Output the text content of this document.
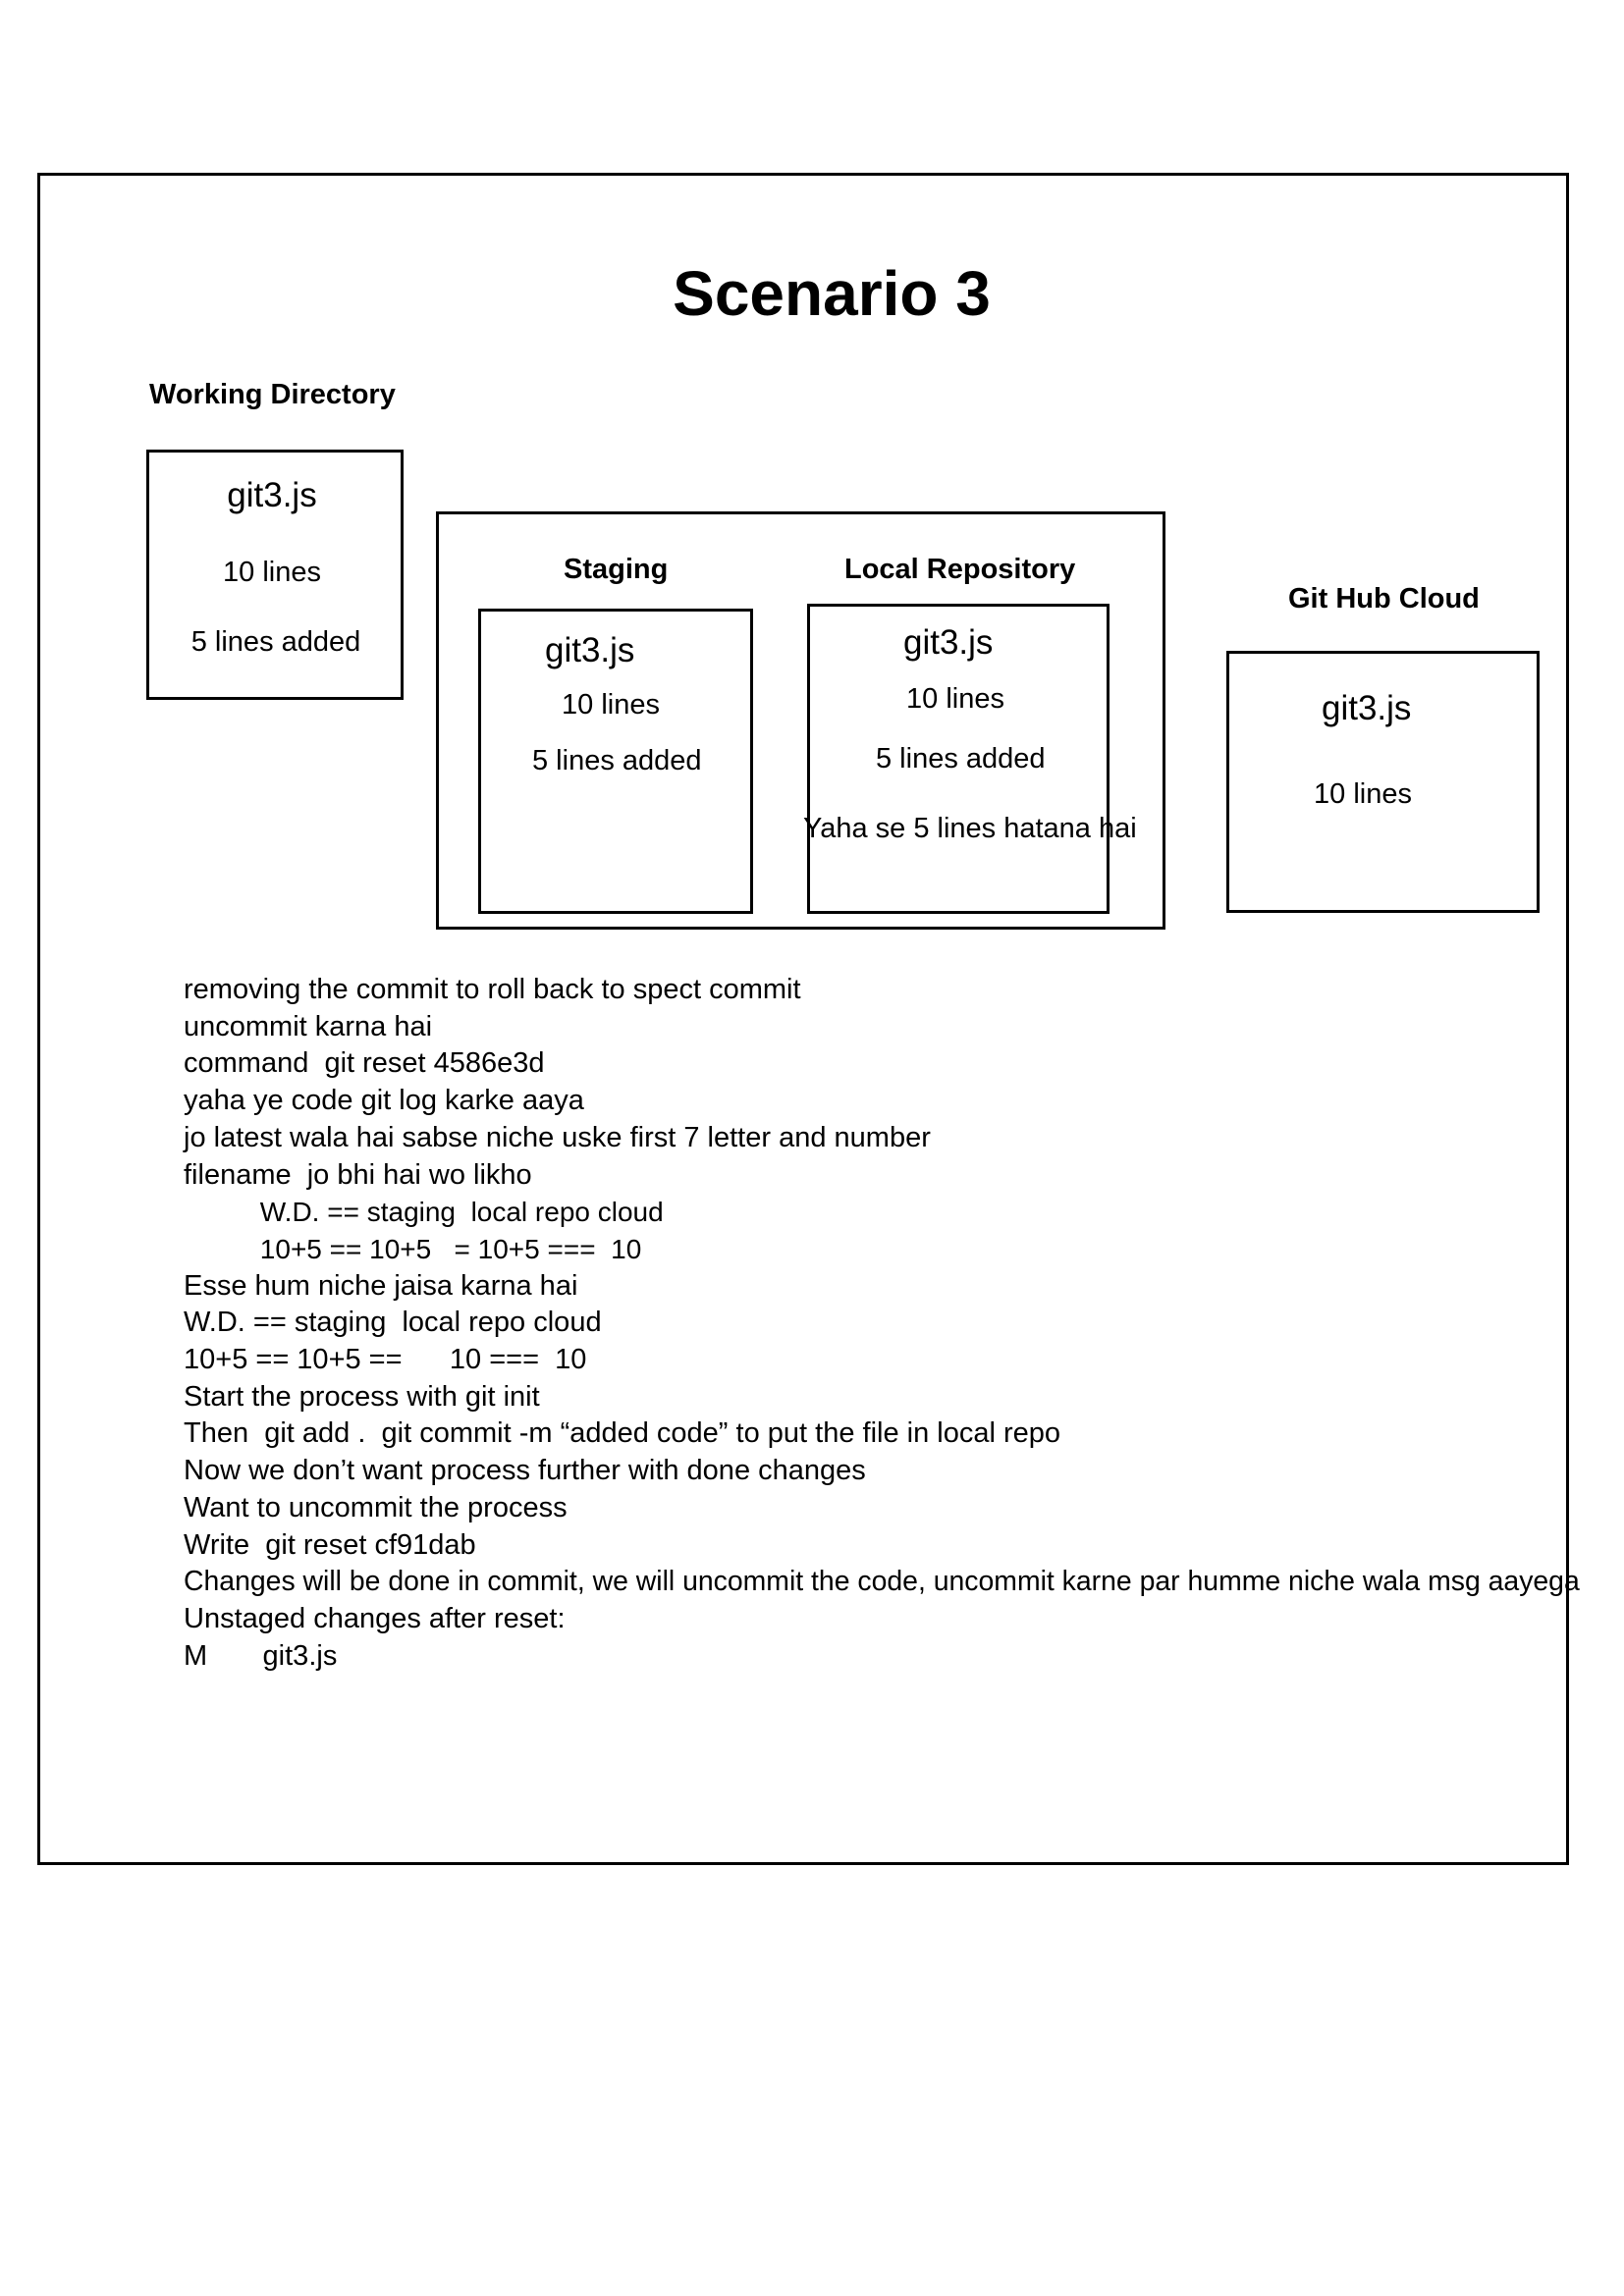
Scenario 3
Working Directory
git3.js
10 lines
5 lines added
Staging	Local Repository
git3.js
10 lines
5 lines added
git3.js
10 lines
5 lines added
Yaha se 5 lines hatana hai
Git Hub Cloud
git3.js
10 lines
removing the commit to roll back to spect commit
uncommit karna hai
command  git reset 4586e3d
yaha ye code git log karke aaya
jo latest wala hai sabse niche uske first 7 letter and number
filename  jo bhi hai wo likho
W.D. == staging  local repo cloud
10+5 == 10+5   = 10+5 ===  10
Esse hum niche jaisa karna hai
W.D. == staging  local repo cloud
10+5 == 10+5 ==      10 ===  10
Start the process with git init
Then  git add .  git commit -m “added code” to put the file in local repo
Now we don’t want process further with done changes
Want to uncommit the process
Write  git reset cf91dab
Changes will be done in commit, we will uncommit the code, uncommit karne par humme niche wala msg aayega
Unstaged changes after reset:
M       git3.js
